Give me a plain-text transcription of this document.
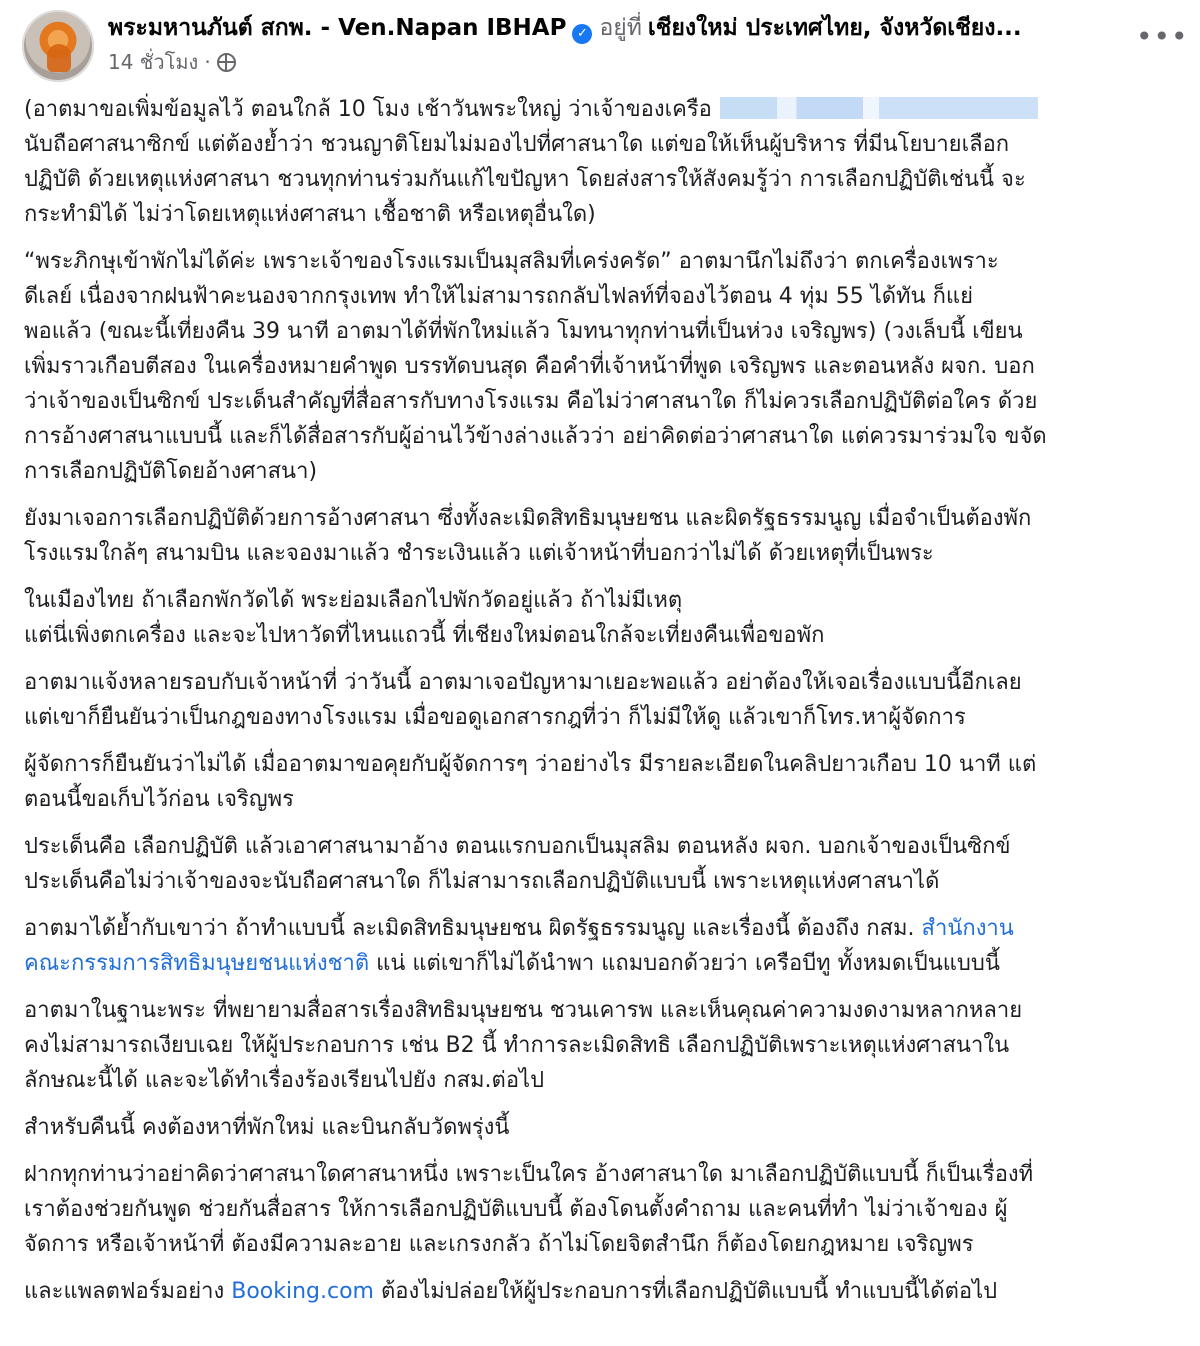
พระมหานภันต์ สกพ. - Ven.Napan IBHAP ✓ อยู่ที่ เชียงใหม่ ประเทศไทย, จังหวัดเชียง...
14 ชั่วโมง ·
•••
(อาตมาขอเพิ่มข้อมูลไว้ ตอนใกล้ 10 โมง เช้าวันพระใหญ่ ว่าเจ้าของเครือ
นับถือศาสนาซิกข์ แต่ต้องย้ำว่า ชวนญาติโยมไม่มองไปที่ศาสนาใด แต่ขอให้เห็นผู้บริหาร ที่มีนโยบายเลือก
ปฏิบัติ ด้วยเหตุแห่งศาสนา ชวนทุกท่านร่วมกันแก้ไขปัญหา โดยส่งสารให้สังคมรู้ว่า การเลือกปฏิบัติเช่นนี้ จะ
กระทำมิได้ ไม่ว่าโดยเหตุแห่งศาสนา เชื้อชาติ หรือเหตุอื่นใด)
“พระภิกษุเข้าพักไม่ได้ค่ะ เพราะเจ้าของโรงแรมเป็นมุสลิมที่เคร่งครัด” อาตมานึกไม่ถึงว่า ตกเครื่องเพราะ
ดีเลย์ เนื่องจากฝนฟ้าคะนองจากกรุงเทพ ทำให้ไม่สามารถกลับไฟลท์ที่จองไว้ตอน 4 ทุ่ม 55 ได้ทัน ก็แย่
พอแล้ว (ขณะนี้เที่ยงคืน 39 นาที อาตมาได้ที่พักใหม่แล้ว โมทนาทุกท่านที่เป็นห่วง เจริญพร) (วงเล็บนี้ เขียน
เพิ่มราวเกือบตีสอง ในเครื่องหมายคำพูด บรรทัดบนสุด คือคำที่เจ้าหน้าที่พูด เจริญพร และตอนหลัง ผจก. บอก
ว่าเจ้าของเป็นซิกข์ ประเด็นสำคัญที่สื่อสารกับทางโรงแรม คือไม่ว่าศาสนาใด ก็ไม่ควรเลือกปฏิบัติต่อใคร ด้วย
การอ้างศาสนาแบบนี้ และก็ได้สื่อสารกับผู้อ่านไว้ข้างล่างแล้วว่า อย่าคิดต่อว่าศาสนาใด แต่ควรมาร่วมใจ ขจัด
การเลือกปฏิบัติโดยอ้างศาสนา)
ยังมาเจอการเลือกปฏิบัติด้วยการอ้างศาสนา ซึ่งทั้งละเมิดสิทธิมนุษยชน และผิดรัฐธรรมนูญ เมื่อจำเป็นต้องพัก
โรงแรมใกล้ๆ สนามบิน และจองมาแล้ว ชำระเงินแล้ว แต่เจ้าหน้าที่บอกว่าไม่ได้ ด้วยเหตุที่เป็นพระ
ในเมืองไทย ถ้าเลือกพักวัดได้ พระย่อมเลือกไปพักวัดอยู่แล้ว ถ้าไม่มีเหตุ
แต่นี่เพิ่งตกเครื่อง และจะไปหาวัดที่ไหนแถวนี้ ที่เชียงใหม่ตอนใกล้จะเที่ยงคืนเพื่อขอพัก
อาตมาแจ้งหลายรอบกับเจ้าหน้าที่ ว่าวันนี้ อาตมาเจอปัญหามาเยอะพอแล้ว อย่าต้องให้เจอเรื่องแบบนี้อีกเลย
แต่เขาก็ยืนยันว่าเป็นกฎของทางโรงแรม เมื่อขอดูเอกสารกฎที่ว่า ก็ไม่มีให้ดู แล้วเขาก็โทร.หาผู้จัดการ
ผู้จัดการก็ยืนยันว่าไม่ได้ เมื่ออาตมาขอคุยกับผู้จัดการๆ ว่าอย่างไร มีรายละเอียดในคลิปยาวเกือบ 10 นาที แต่
ตอนนี้ขอเก็บไว้ก่อน เจริญพร
ประเด็นคือ เลือกปฏิบัติ แล้วเอาศาสนามาอ้าง ตอนแรกบอกเป็นมุสลิม ตอนหลัง ผจก. บอกเจ้าของเป็นซิกข์
ประเด็นคือไม่ว่าเจ้าของจะนับถือศาสนาใด ก็ไม่สามารถเลือกปฏิบัติแบบนี้ เพราะเหตุแห่งศาสนาได้
อาตมาได้ย้ำกับเขาว่า ถ้าทำแบบนี้ ละเมิดสิทธิมนุษยชน ผิดรัฐธรรมนูญ และเรื่องนี้ ต้องถึง กสม. สำนักงาน
คณะกรรมการสิทธิมนุษยชนแห่งชาติ แน่ แต่เขาก็ไม่ได้นำพา แถมบอกด้วยว่า เครือบีทู ทั้งหมดเป็นแบบนี้
อาตมาในฐานะพระ ที่พยายามสื่อสารเรื่องสิทธิมนุษยชน ชวนเคารพ และเห็นคุณค่าความงดงามหลากหลาย
คงไม่สามารถเงียบเฉย ให้ผู้ประกอบการ เช่น B2 นี้ ทำการละเมิดสิทธิ เลือกปฏิบัติเพราะเหตุแห่งศาสนาใน
ลักษณะนี้ได้ และจะได้ทำเรื่องร้องเรียนไปยัง กสม.ต่อไป
สำหรับคืนนี้ คงต้องหาที่พักใหม่ และบินกลับวัดพรุ่งนี้
ฝากทุกท่านว่าอย่าคิดว่าศาสนาใดศาสนาหนึ่ง เพราะเป็นใคร อ้างศาสนาใด มาเลือกปฏิบัติแบบนี้ ก็เป็นเรื่องที่
เราต้องช่วยกันพูด ช่วยกันสื่อสาร ให้การเลือกปฏิบัติแบบนี้ ต้องโดนตั้งคำถาม และคนที่ทำ ไม่ว่าเจ้าของ ผู้
จัดการ หรือเจ้าหน้าที่ ต้องมีความละอาย และเกรงกลัว ถ้าไม่โดยจิตสำนึก ก็ต้องโดยกฎหมาย เจริญพร
และแพลตฟอร์มอย่าง Booking.com ต้องไม่ปล่อยให้ผู้ประกอบการที่เลือกปฏิบัติแบบนี้ ทำแบบนี้ได้ต่อไป
